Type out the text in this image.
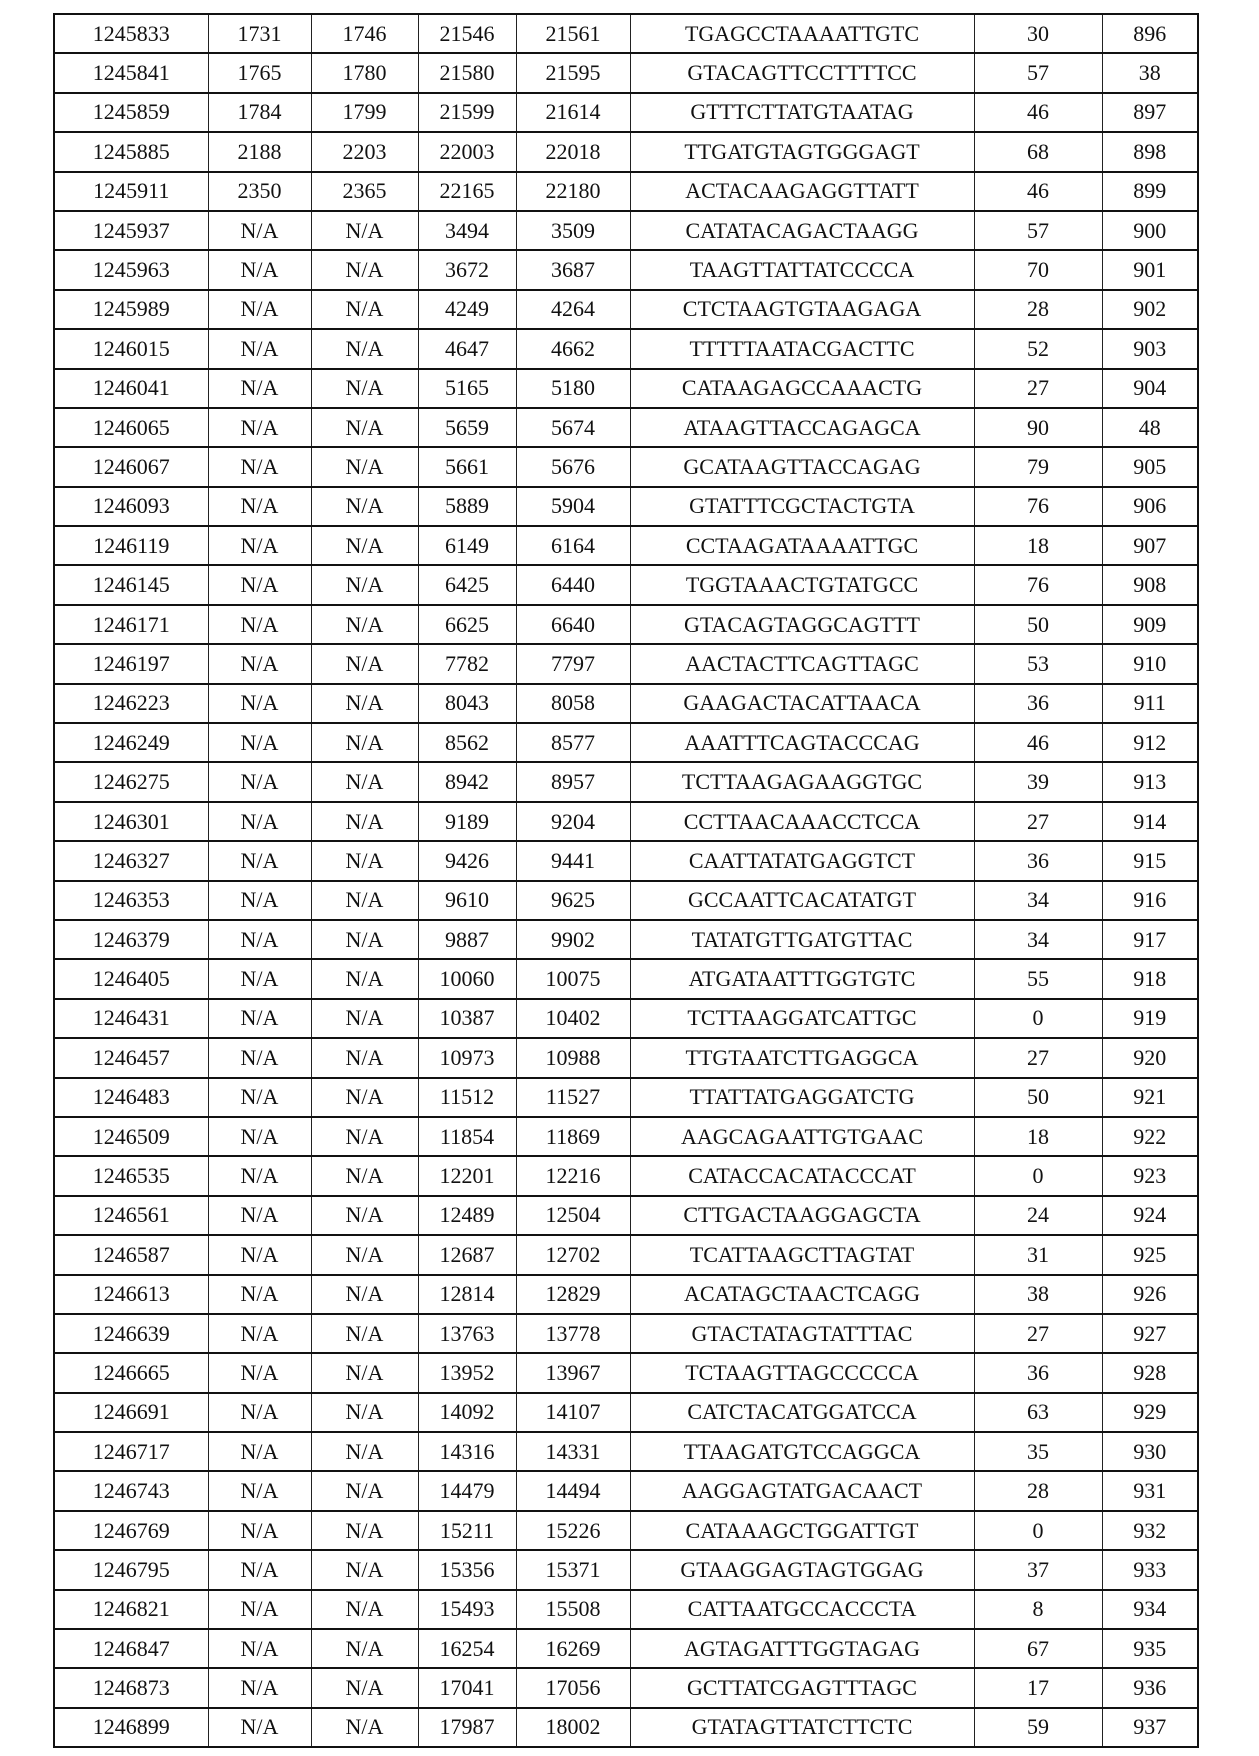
1245833	1731	1746	21546	21561	TGAGCCTAAAATTGTC	30	896
1245841	1765	1780	21580	21595	GTACAGTTCCTTTTCC	57	38
1245859	1784	1799	21599	21614	GTTTCTTATGTAATAG	46	897
1245885	2188	2203	22003	22018	TTGATGTAGTGGGAGT	68	898
1245911	2350	2365	22165	22180	ACTACAAGAGGTTATT	46	899
1245937	N/A	N/A	3494	3509	CATATACAGACTAAGG	57	900
1245963	N/A	N/A	3672	3687	TAAGTTATTATCCCCA	70	901
1245989	N/A	N/A	4249	4264	CTCTAAGTGTAAGAGA	28	902
1246015	N/A	N/A	4647	4662	TTTTTAATACGACTTC	52	903
1246041	N/A	N/A	5165	5180	CATAAGAGCCAAACTG	27	904
1246065	N/A	N/A	5659	5674	ATAAGTTACCAGAGCA	90	48
1246067	N/A	N/A	5661	5676	GCATAAGTTACCAGAG	79	905
1246093	N/A	N/A	5889	5904	GTATTTCGCTACTGTA	76	906
1246119	N/A	N/A	6149	6164	CCTAAGATAAAATTGC	18	907
1246145	N/A	N/A	6425	6440	TGGTAAACTGTATGCC	76	908
1246171	N/A	N/A	6625	6640	GTACAGTAGGCAGTTT	50	909
1246197	N/A	N/A	7782	7797	AACTACTTCAGTTAGC	53	910
1246223	N/A	N/A	8043	8058	GAAGACTACATTAACA	36	911
1246249	N/A	N/A	8562	8577	AAATTTCAGTACCCAG	46	912
1246275	N/A	N/A	8942	8957	TCTTAAGAGAAGGTGC	39	913
1246301	N/A	N/A	9189	9204	CCTTAACAAACCTCCA	27	914
1246327	N/A	N/A	9426	9441	CAATTATATGAGGTCT	36	915
1246353	N/A	N/A	9610	9625	GCCAATTCACATATGT	34	916
1246379	N/A	N/A	9887	9902	TATATGTTGATGTTAC	34	917
1246405	N/A	N/A	10060	10075	ATGATAATTTGGTGTC	55	918
1246431	N/A	N/A	10387	10402	TCTTAAGGATCATTGC	0	919
1246457	N/A	N/A	10973	10988	TTGTAATCTTGAGGCA	27	920
1246483	N/A	N/A	11512	11527	TTATTATGAGGATCTG	50	921
1246509	N/A	N/A	11854	11869	AAGCAGAATTGTGAAC	18	922
1246535	N/A	N/A	12201	12216	CATACCACATACCCAT	0	923
1246561	N/A	N/A	12489	12504	CTTGACTAAGGAGCTA	24	924
1246587	N/A	N/A	12687	12702	TCATTAAGCTTAGTAT	31	925
1246613	N/A	N/A	12814	12829	ACATAGCTAACTCAGG	38	926
1246639	N/A	N/A	13763	13778	GTACTATAGTATTTAC	27	927
1246665	N/A	N/A	13952	13967	TCTAAGTTAGCCCCCA	36	928
1246691	N/A	N/A	14092	14107	CATCTACATGGATCCA	63	929
1246717	N/A	N/A	14316	14331	TTAAGATGTCCAGGCA	35	930
1246743	N/A	N/A	14479	14494	AAGGAGTATGACAACT	28	931
1246769	N/A	N/A	15211	15226	CATAAAGCTGGATTGT	0	932
1246795	N/A	N/A	15356	15371	GTAAGGAGTAGTGGAG	37	933
1246821	N/A	N/A	15493	15508	CATTAATGCCACCCTA	8	934
1246847	N/A	N/A	16254	16269	AGTAGATTTGGTAGAG	67	935
1246873	N/A	N/A	17041	17056	GCTTATCGAGTTTAGC	17	936
1246899	N/A	N/A	17987	18002	GTATAGTTATCTTCTC	59	937
